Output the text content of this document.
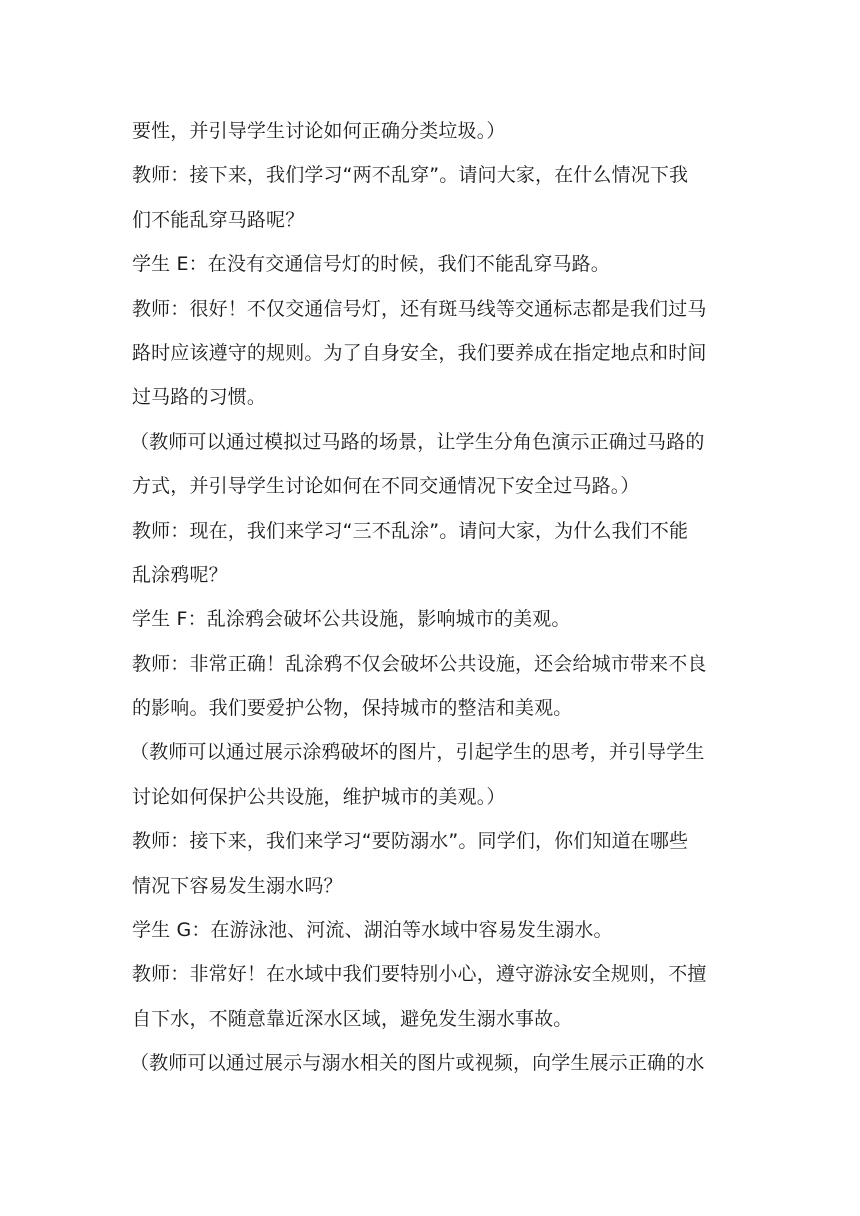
要性，并引导学生讨论如何正确分类垃圾。）
教师：接下来，我们学习“两不乱穿”。请问大家，在什么情况下我
们不能乱穿马路呢？
学生 E：在没有交通信号灯的时候，我们不能乱穿马路。
教师：很好！不仅交通信号灯，还有斑马线等交通标志都是我们过马
路时应该遵守的规则。为了自身安全，我们要养成在指定地点和时间
过马路的习惯。
（教师可以通过模拟过马路的场景，让学生分角色演示正确过马路的
方式，并引导学生讨论如何在不同交通情况下安全过马路。）
教师：现在，我们来学习“三不乱涂”。请问大家，为什么我们不能
乱涂鸦呢？
学生 F：乱涂鸦会破坏公共设施，影响城市的美观。
教师：非常正确！乱涂鸦不仅会破坏公共设施，还会给城市带来不良
的影响。我们要爱护公物，保持城市的整洁和美观。
（教师可以通过展示涂鸦破坏的图片，引起学生的思考，并引导学生
讨论如何保护公共设施，维护城市的美观。）
教师：接下来，我们来学习“要防溺水”。同学们，你们知道在哪些
情况下容易发生溺水吗？
学生 G：在游泳池、河流、湖泊等水域中容易发生溺水。
教师：非常好！在水域中我们要特别小心，遵守游泳安全规则，不擅
自下水，不随意靠近深水区域，避免发生溺水事故。
（教师可以通过展示与溺水相关的图片或视频，向学生展示正确的水
